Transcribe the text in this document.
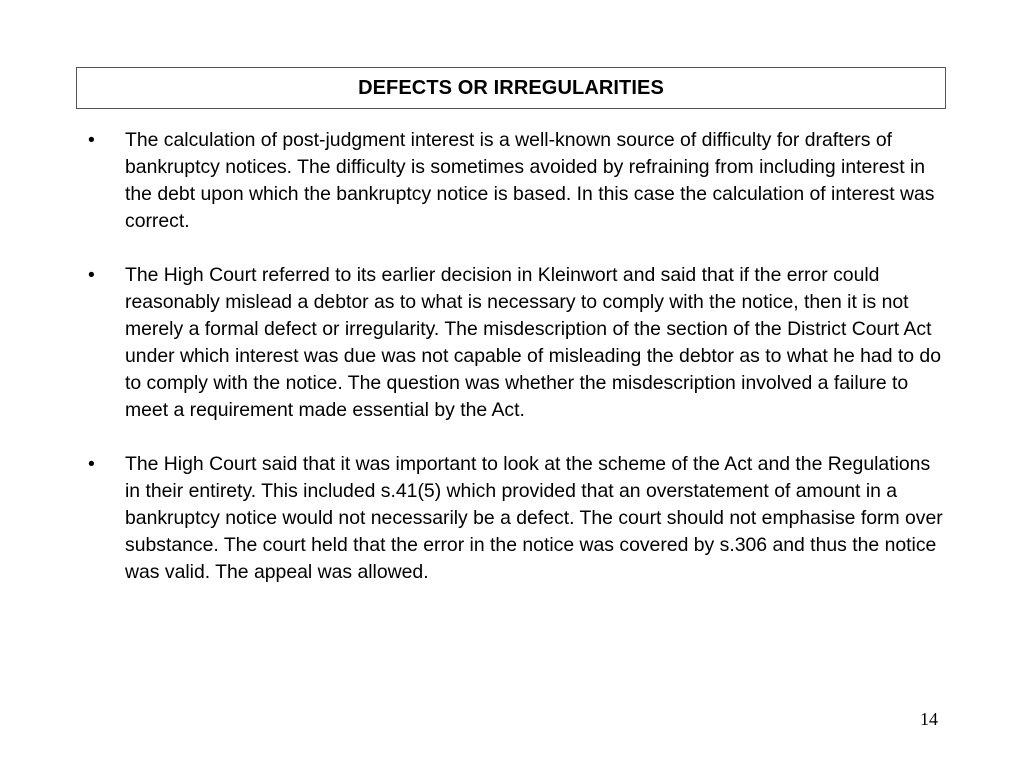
DEFECTS OR IRREGULARITIES
•	The calculation of post-judgment interest is a well-known source of difficulty for drafters of bankruptcy notices. The difficulty is sometimes avoided by refraining from including interest in the debt upon which the bankruptcy notice is based. In this case the calculation of interest was correct.
•	The High Court referred to its earlier decision in Kleinwort and said that if the error could reasonably mislead a debtor as to what is necessary to comply with the notice, then it is not merely a formal defect or irregularity. The misdescription of the section of the District Court Act under which interest was due was not capable of misleading the debtor as to what he had to do to comply with the notice. The question was whether the misdescription involved a failure to meet a requirement made essential by the Act.
•	The High Court said that it was important to look at the scheme of the Act and the Regulations in their entirety. This included s.41(5) which provided that an overstatement of amount in a bankruptcy notice would not necessarily be a defect. The court should not emphasise form over substance. The court held that the error in the notice was covered by s.306 and thus the notice was valid. The appeal was allowed.
14
